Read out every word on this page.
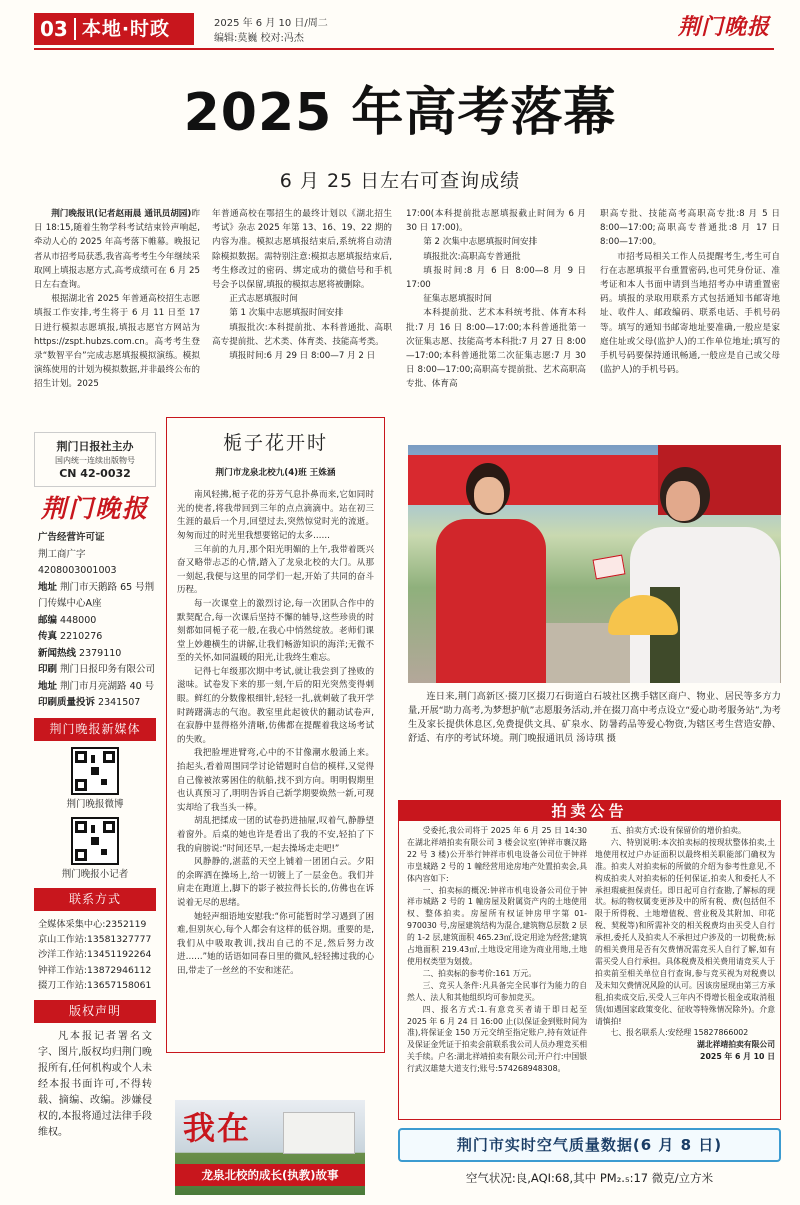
03 本地·时政	2025 年 6 月 10 日/周二
编辑:莫巍 校对:冯杰	荆门晚报
2025 年高考落幕
6 月 25 日左右可查询成绩

荆门晚报讯(记者赵雨晨 通讯员胡园)昨日 18:15,随着生物学科考试结束铃声响起,牵动人心的 2025 年高考落下帷幕。晚报记者从市招考局获悉,我省高考考生今年继续采取网上填报志愿方式,高考成绩可在 6 月 25 日左右查询。

根据湖北省 2025 年普通高校招生志愿填报工作安排,考生将于 6 月 11 日至 17 日进行模拟志愿填报,填报志愿官方网站为 https://zspt.hubzs.com.cn。高考考生登录“数智平台”完成志愿填报模拟演练。模拟演练使用的计划为模拟数据,并非最终公布的招生计划。2025

年普通高校在鄂招生的最终计划以《湖北招生考试》杂志 2025 年第 13、16、19、22 期的内容为准。模拟志愿填报结束后,系统将自动清除模拟数据。需特别注意:模拟志愿填报结束后,考生修改过的密码、绑定成功的微信号和手机号会予以保留,填报的模拟志愿将被删除。

正式志愿填报时间

第 1 次集中志愿填报时间安排

填报批次:本科提前批、本科普通批、高职高专提前批、艺术类、体育类、技能高考类。

填报时间:6 月 29 日 8:00—7 月 2 日

17:00(本科提前批志愿填报截止时间为 6 月 30 日 17:00)。

第 2 次集中志愿填报时间安排

填报批次:高职高专普通批

填报时间:8 月 6 日 8:00—8 月 9 日 17:00

征集志愿填报时间

本科提前批、艺术本科统考批、体育本科批:7 月 16 日 8:00—17:00;本科普通批第一次征集志愿、技能高考本科批:7 月 27 日 8:00—17:00;本科普通批第二次征集志愿:7 月 30 日 8:00—17:00;高职高专提前批、艺术高职高专批、体育高

职高专批、技能高考高职高专批:8 月 5 日 8:00—17:00;高职高专普通批:8 月 17 日 8:00—17:00。

市招考局相关工作人员提醒考生,考生可自行在志愿填报平台重置密码,也可凭身份证、准考证和本人书面申请到当地招考办申请重置密码。填报的录取用联系方式包括通知书邮寄地址、收件人、邮政编码、联系电话、手机号码等。填写的通知书邮寄地址要准确,一般应是家庭住址或父母(监护人)的工作单位地址;填写的手机号码要保持通讯畅通,一般应是自己或父母(监护人)的手机号码。

荆门日报社主办
国内统一连续出版物号
CN 42-0032
荆门晚报
广告经营许可证
荆工商广字 4208003001003
地址 荆门市天鹅路 65 号荆门传媒中心A座
邮编 448000
传真 2210276
新闻热线 2379110
印刷 荆门日报印务有限公司
地址 荆门市月亮湖路 40 号
印刷质量投诉 2341507
荆门晚报新媒体
荆门晚报微博
荆门晚报小记者
联系方式
全媒体采集中心:2352119
京山工作站:13581327777
沙洋工作站:13451192264
钟祥工作站:13872946112
掇刀工作站:13657158061
版权声明
凡本报记者署名文字、图片,版权均归荆门晚报所有,任何机构或个人未经本报书面许可,不得转载、摘编、改编。涉嫌侵权的,本报将通过法律手段维权。
栀子花开时
荆门市龙泉北校九(4)班 王姝涵

南风轻拂,栀子花的芬芳气息扑鼻而来,它如同时光的使者,将我带回到三年的点点滴滴中。站在初三生涯的最后一个月,回望过去,突然惊觉时光的流逝。匆匆而过的时光里我想要铭记的太多……

三年前的九月,那个阳光明媚的上午,我带着既兴奋又略带忐忑的心情,踏入了龙泉北校的大门。从那一刻起,我便与这里的同学们一起,开始了共同的奋斗历程。

每一次课堂上的激烈讨论,每一次团队合作中的默契配合,每一次课后坚持不懈的辅导,这些珍贵的时刻都如同栀子花一般,在我心中悄然绽放。老师们课堂上妙趣横生的讲解,让我们畅游知识的海洋;无微不至的关怀,如同温暖的阳光,让我终生难忘。

记得七年级那次期中考试,就让我尝到了挫败的滋味。试卷发下来的那一刻,午后的阳光突然变得刺眼。鲜红的分数像根细针,轻轻一扎,就刺破了我开学时踌躇满志的气泡。教室里此起彼伏的翻动试卷声,在寂静中显得格外清晰,仿佛都在提醒着我这场考试的失败。

我把脸埋进臂弯,心中的不甘像潮水般涌上来。抬起头,看着周围同学讨论错题时自信的模样,又觉得自己像被浓雾困住的航船,找不到方向。明明假期里也认真预习了,明明告诉自己新学期要焕然一新,可现实却给了我当头一棒。

胡乱把揉成一团的试卷扔进抽屉,叹着气,静静望着窗外。后桌的她也许是看出了我的不安,轻拍了下我的肩膀说:“时间还早,一起去操场走走吧!”

风静静的,湛蓝的天空上铺着一团团白云。夕阳的余晖洒在操场上,给一切镀上了一层金色。我们并肩走在跑道上,脚下的影子被拉得长长的,仿佛也在诉说着无尽的思绪。

她轻声细语地安慰我:“你可能暂时学习遇到了困难,但别灰心,每个人都会有这样的低谷期。重要的是,我们从中吸取教训,找出自己的不足,然后努力改进……”她的话语如同春日里的微风,轻轻拂过我的心田,带走了一丝丝的不安和迷茫。

连日来,荆门高新区·掇刀区掇刀石街道白石坡社区携手辖区商户、物业、居民等多方力量,开展“助力高考,为梦想护航”志愿服务活动,并在掇刀高中考点设立“爱心助考服务站”,为考生及家长提供休息区,免费提供文具、矿泉水、防暑药品等爱心物资,为辖区考生营造安静、舒适、有序的考试环境。荆门晚报通讯员 汤诗琪 摄
拍卖公告

受委托,我公司将于 2025 年 6 月 25 日 14:30 在湖北祥靖拍卖有限公司 3 楼会议室(钟祥市襄汉路 22 号 3 楼)公开举行钟祥市机电设备公司位于钟祥市皇城路 2 号的 1 幢经营用途房地产处置拍卖会,具体内容如下:

一、拍卖标的概况:钟祥市机电设备公司位于钟祥市城路 2 号的 1 幢房屋及附属资产内的土地使用权、整体拍卖。房屋所有权证钟房甲字第 01-970030 号,房屋建筑结构为混合,建筑物总层数 2 层的 1-2 层,建筑面积 465.23㎡,设定用途为经营;建筑占地面积 219.43㎡,土地设定用途为商业用地,土地使用权类型为划拨。

二、拍卖标的参考价:161 万元。

三、竞买人条件:凡具备完全民事行为能力的自然人、法人和其他组织均可参加竞买。

四、报名方式:1.有意竞买者请于即日起至 2025 年 6 月 24 日 16:00 止(以保证金到账时间为准),将保证金 150 万元交纳至指定账户,持有效证件及保证金凭证于拍卖会前联系我公司人员办理竞买相关手续。户名:湖北祥靖拍卖有限公司;开户行:中国银行武汉雄楚大道支行;账号:574268948308。

五、拍卖方式:设有保留价的增价拍卖。

六、特别说明:本次拍卖标的按现状整体拍卖,土地使用权过户办证面积以最终相关职能部门确权为准。拍卖人对拍卖标的所做的介绍为参考性意见,不构成拍卖人对拍卖标的任何保证,拍卖人和委托人不承担瑕疵担保责任。即日起可自行查勘,了解标的现状。标的物权属变更涉及中的所有税、费(包括但不限于所得税、土地增值税、营业税及其附加、印花税、契税等)和所需补交的相关税费均由买受人自行承担,委托人及拍卖人不承担过户涉及的一切税费;标的相关费用是否有欠费情况需竞买人自行了解,如有需买受人自行承担。具体税费及相关费用请竞买人于拍卖前至相关单位自行查询,参与竞买视为对税费以及未知欠费情况风险的认可。因该房屋现由第三方承租,拍卖成交后,买受人三年内不得增长租金或取消租赁(如遇国家政策变化、征收等特殊情况除外)。介意请慎拍!

七、报名联系人:安经理 15827866002

湖北祥靖拍卖有限公司

2025 年 6 月 10 日

我在
龙泉北校的成长(执教)故事
荆门市实时空气质量数据(6 月 8 日)
空气状况:良,AQI:68,其中 PM₂.₅:17 微克/立方米
